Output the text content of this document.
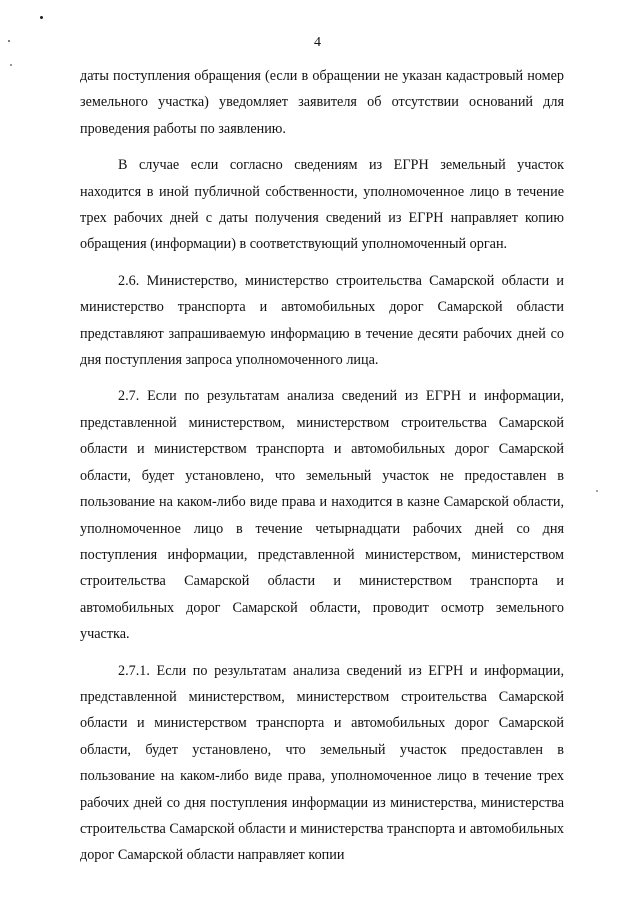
4

даты поступления обращения (если в обращении не указан кадастровый номер земельного участка) уведомляет заявителя об отсутствии оснований для проведения работы по заявлению.

В случае если согласно сведениям из ЕГРН земельный участок находится в иной публичной собственности, уполномоченное лицо в течение трех рабочих дней с даты получения сведений из ЕГРН направляет копию обращения (информации) в соответствующий уполномоченный орган.

2.6. Министерство, министерство строительства Самарской области и министерство транспорта и автомобильных дорог Самарской области представляют запрашиваемую информацию в течение десяти рабочих дней со дня поступления запроса уполномоченного лица.

2.7. Если по результатам анализа сведений из ЕГРН и информации, представленной министерством, министерством строительства Самарской области и министерством транспорта и автомобильных дорог Самарской области, будет установлено, что земельный участок не предоставлен в пользование на каком-либо виде права и находится в казне Самарской области, уполномоченное лицо в течение четырнадцати рабочих дней со дня поступления информации, представленной министерством, министерством строительства Самарской области и министерством транспорта и автомобильных дорог Самарской области, проводит осмотр земельного участка.

2.7.1. Если по результатам анализа сведений из ЕГРН и информации, представленной министерством, министерством строительства Самарской области и министерством транспорта и автомобильных дорог Самарской области, будет установлено, что земельный участок предоставлен в пользование на каком-либо виде права, уполномоченное лицо в течение трех рабочих дней со дня поступления информации из министерства, министерства строительства Самарской области и министерства транспорта и автомобильных дорог Самарской области направляет копии
